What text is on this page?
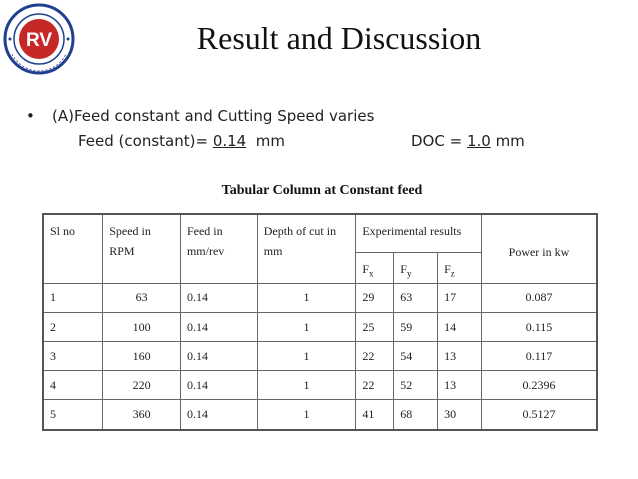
RV	Result and Discussion
• (A)Feed constant and Cutting Speed varies
Feed (constant)= 0.14  mm	DOC = 1.0 mm
Tabular Column at Constant feed
Sl no	Speed in RPM	Feed in mm/rev	Depth of cut in mm	Experimental results			Power in kw
				$F_x$	$F_y$	$F_z$
1	63	0.14	1	29	63	17	0.087
2	100	0.14	1	25	59	14	0.115
3	160	0.14	1	22	54	13	0.117
4	220	0.14	1	22	52	13	0.2396
5	360	0.14	1	41	68	30	0.5127
